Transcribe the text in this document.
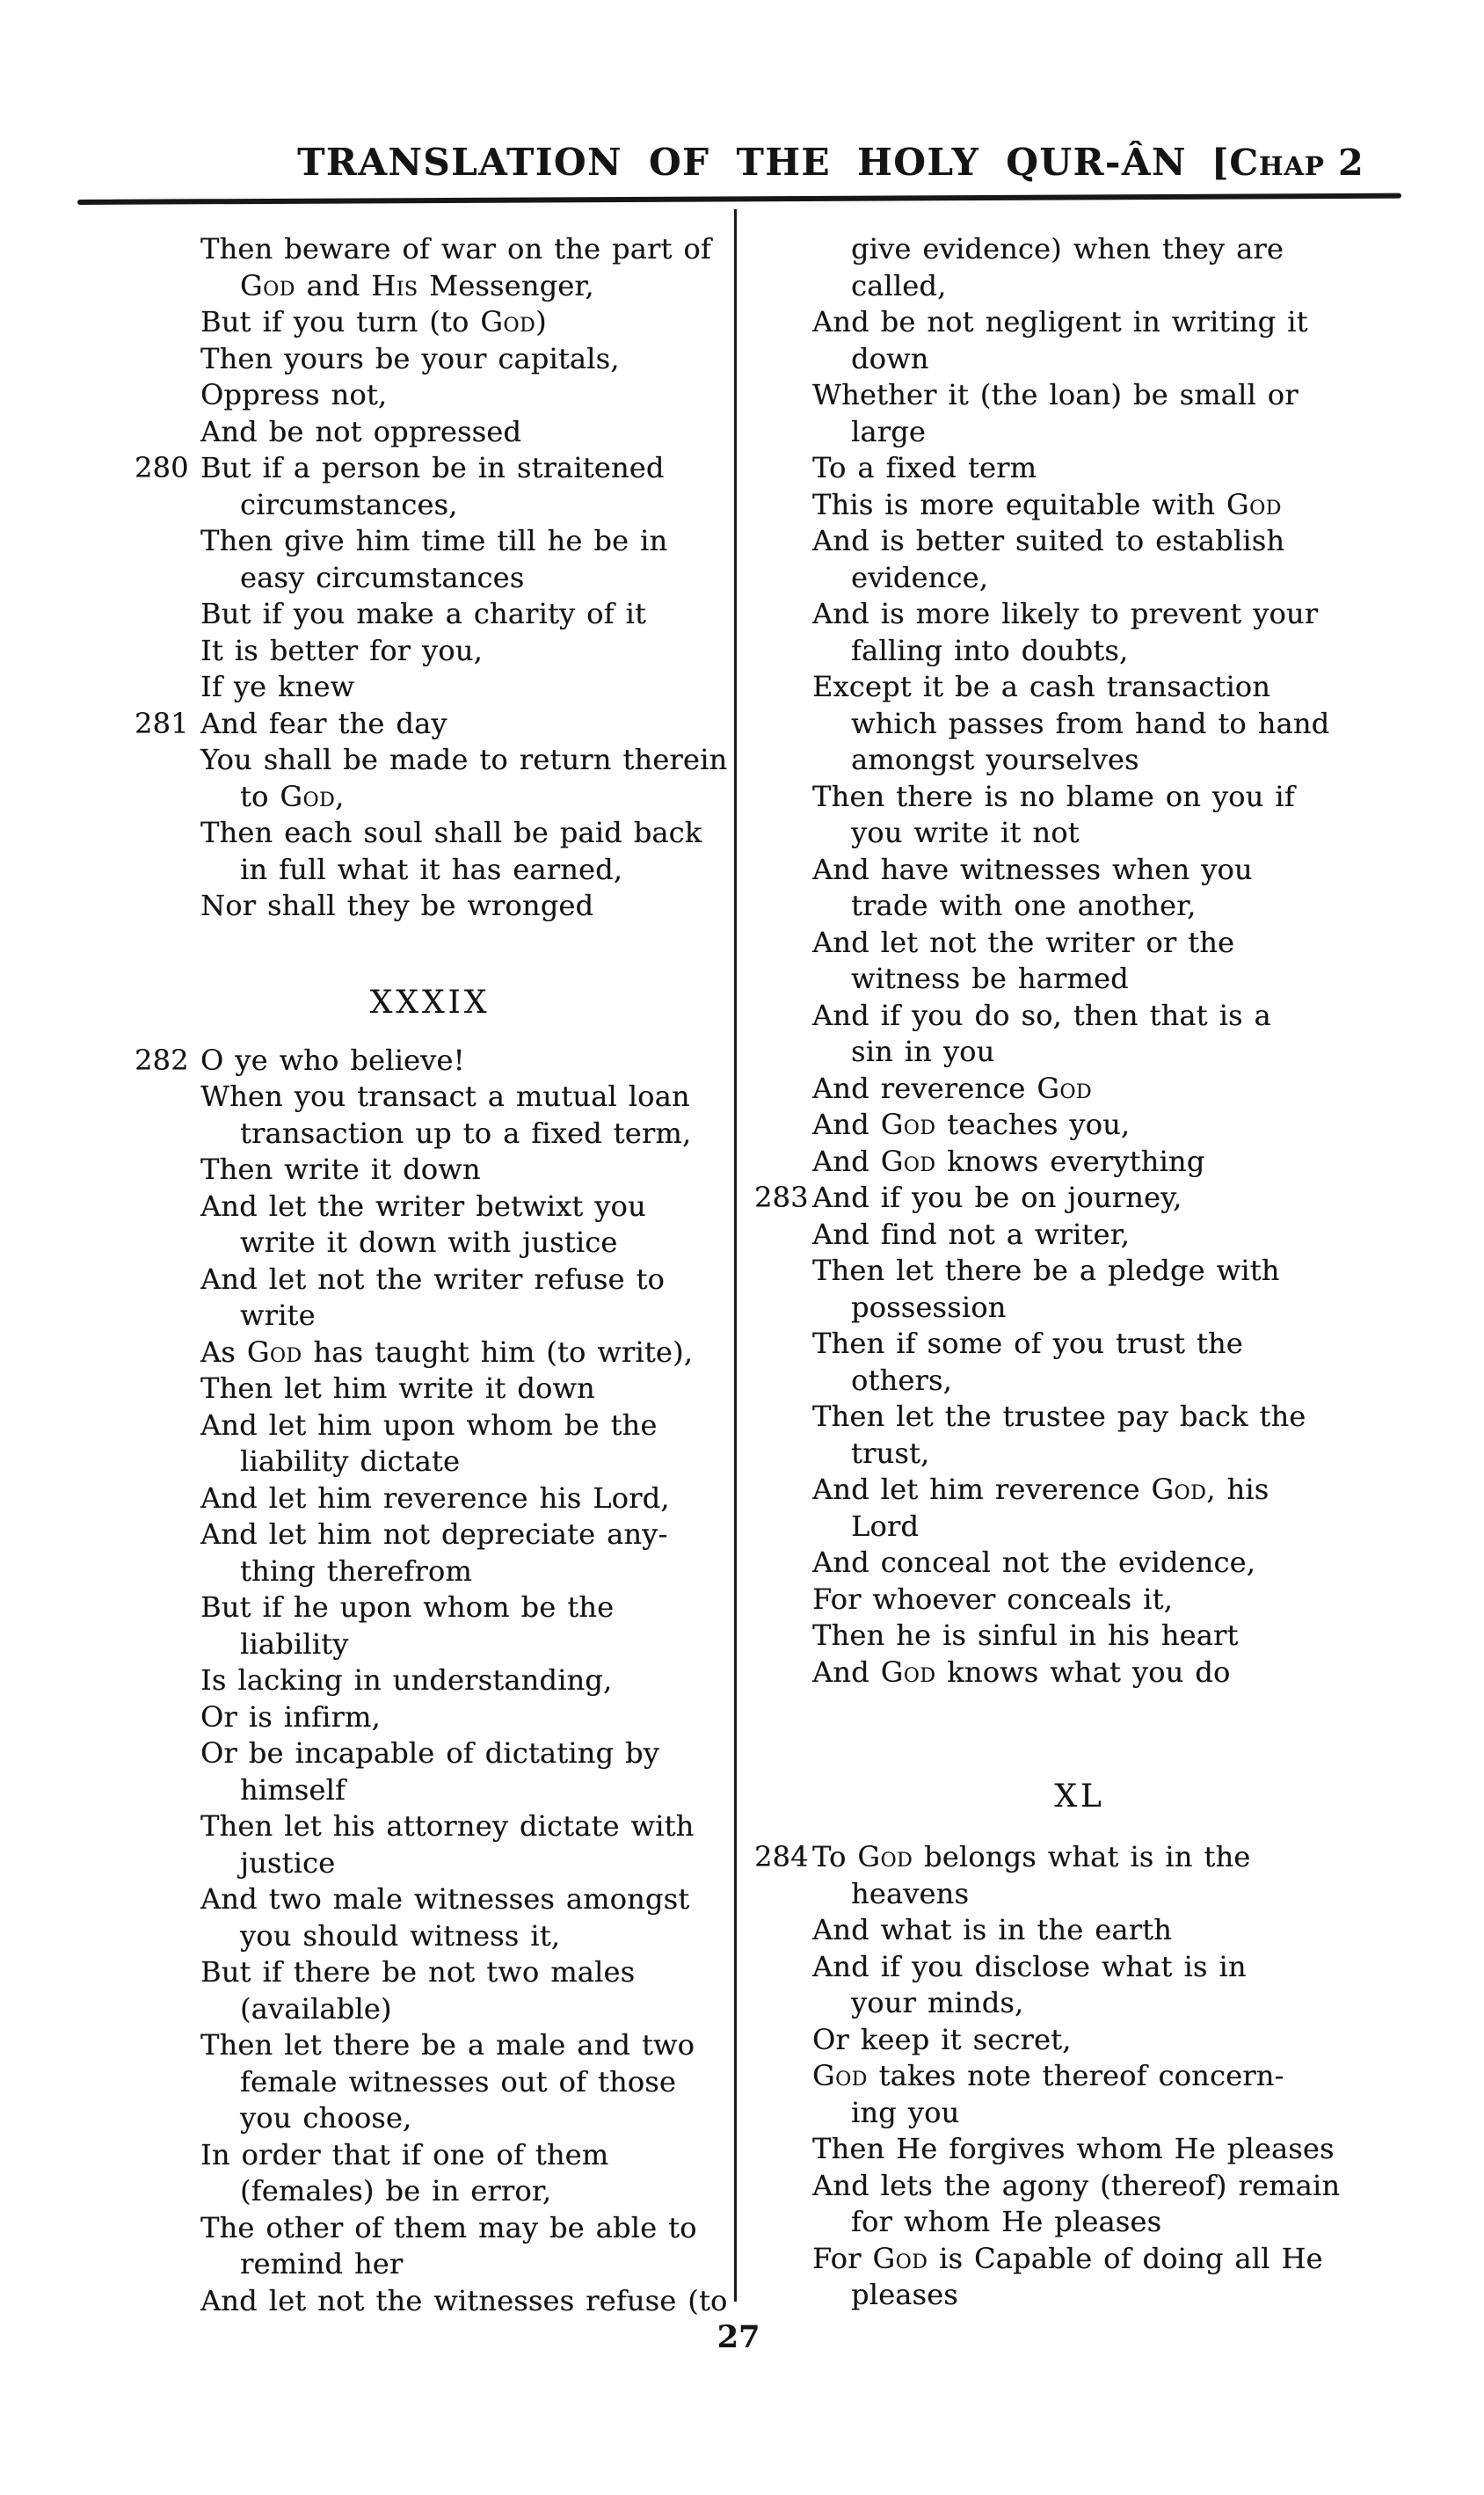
TRANSLATION OF THE HOLY QUR-ÂN [Chap 2
Then beware of war on the part of
God and His Messenger,
But if you turn (to God)
Then yours be your capitals,
Oppress not,
And be not oppressed
280 But if a person be in straitened
circumstances,
Then give him time till he be in
easy circumstances
But if you make a charity of it
It is better for you,
If ye knew
281 And fear the day
You shall be made to return therein
to God,
Then each soul shall be paid back
in full what it has earned,
Nor shall they be wronged
XXXIX
282 O ye who believe!
When you transact a mutual loan
transaction up to a fixed term,
Then write it down
And let the writer betwixt you
write it down with justice
And let not the writer refuse to
write
As God has taught him (to write),
Then let him write it down
And let him upon whom be the
liability dictate
And let him reverence his Lord,
And let him not depreciate any-
thing therefrom
But if he upon whom be the
liability
Is lacking in understanding,
Or is infirm,
Or be incapable of dictating by
himself
Then let his attorney dictate with
justice
And two male witnesses amongst
you should witness it,
But if there be not two males
(available)
Then let there be a male and two
female witnesses out of those
you choose,
In order that if one of them
(females) be in error,
The other of them may be able to
remind her
And let not the witnesses refuse (to
give evidence) when they are
called,
And be not negligent in writing it
down
Whether it (the loan) be small or
large
To a fixed term
This is more equitable with God
And is better suited to establish
evidence,
And is more likely to prevent your
falling into doubts,
Except it be a cash transaction
which passes from hand to hand
amongst yourselves
Then there is no blame on you if
you write it not
And have witnesses when you
trade with one another,
And let not the writer or the
witness be harmed
And if you do so, then that is a
sin in you
And reverence God
And God teaches you,
And God knows everything
283 And if you be on journey,
And find not a writer,
Then let there be a pledge with
possession
Then if some of you trust the
others,
Then let the trustee pay back the
trust,
And let him reverence God, his
Lord
And conceal not the evidence,
For whoever conceals it,
Then he is sinful in his heart
And God knows what you do
XL
284 To God belongs what is in the
heavens
And what is in the earth
And if you disclose what is in
your minds,
Or keep it secret,
God takes note thereof concern-
ing you
Then He forgives whom He pleases
And lets the agony (thereof) remain
for whom He pleases
For God is Capable of doing all He
pleases
27
